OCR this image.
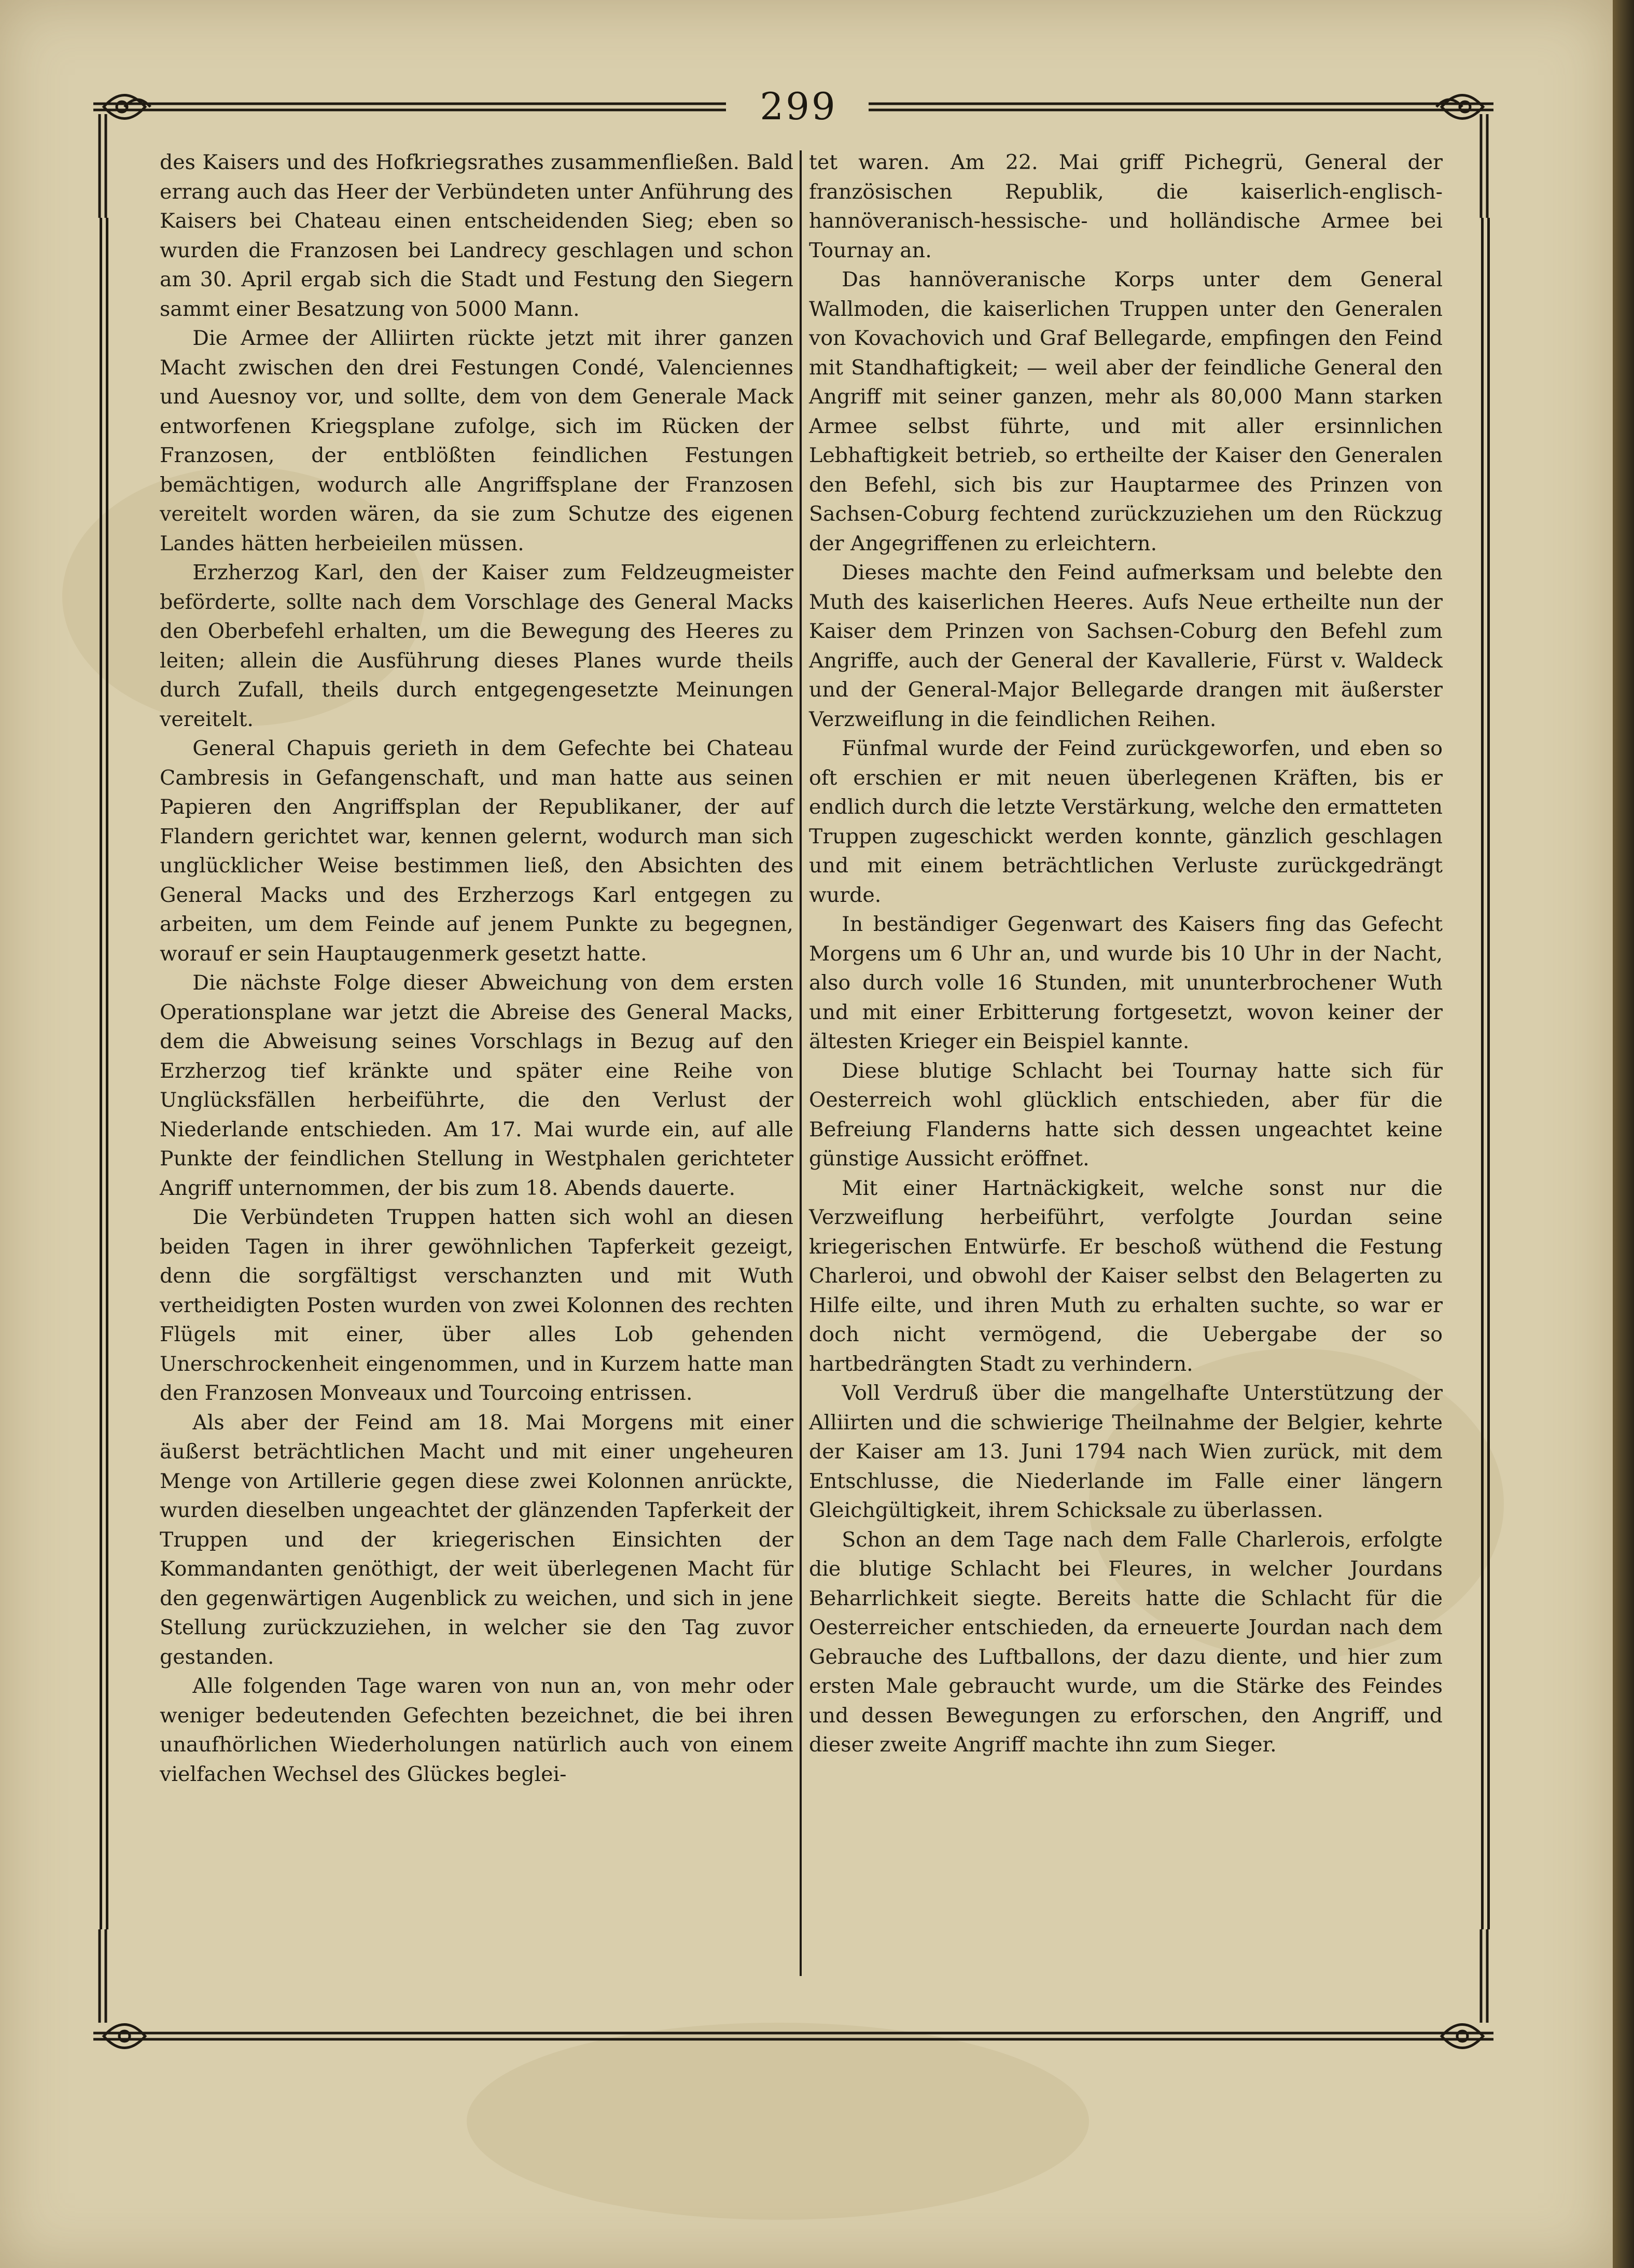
299

des Kaisers und des Hofkriegsrathes zusammenfließen. Bald errang auch das Heer der Verbündeten unter Anführung des Kaisers bei Chateau einen entscheidenden Sieg; eben so wurden die Franzosen bei Landrecy geschlagen und schon am 30. April ergab sich die Stadt und Festung den Siegern sammt einer Besatzung von 5000 Mann.

Die Armee der Alliirten rückte jetzt mit ihrer ganzen Macht zwischen den drei Festungen Condé, Valenciennes und Auesnoy vor, und sollte, dem von dem Generale Mack entworfenen Kriegsplane zufolge, sich im Rücken der Franzosen, der entblößten feindlichen Festungen bemächtigen, wodurch alle Angriffsplane der Franzosen vereitelt worden wären, da sie zum Schutze des eigenen Landes hätten herbeieilen müssen.

Erzherzog Karl, den der Kaiser zum Feldzeugmeister beförderte, sollte nach dem Vorschlage des General Macks den Oberbefehl erhalten, um die Bewegung des Heeres zu leiten; allein die Ausführung dieses Planes wurde theils durch Zufall, theils durch entgegengesetzte Meinungen vereitelt.

General Chapuis gerieth in dem Gefechte bei Chateau Cambresis in Gefangenschaft, und man hatte aus seinen Papieren den Angriffsplan der Republikaner, der auf Flandern gerichtet war, kennen gelernt, wodurch man sich unglücklicher Weise bestimmen ließ, den Absichten des General Macks und des Erzherzogs Karl entgegen zu arbeiten, um dem Feinde auf jenem Punkte zu begegnen, worauf er sein Hauptaugenmerk gesetzt hatte.

Die nächste Folge dieser Abweichung von dem ersten Operationsplane war jetzt die Abreise des General Macks, dem die Abweisung seines Vorschlags in Bezug auf den Erzherzog tief kränkte und später eine Reihe von Unglücksfällen herbeiführte, die den Verlust der Niederlande entschieden. Am 17. Mai wurde ein, auf alle Punkte der feindlichen Stellung in Westphalen gerichteter Angriff unternommen, der bis zum 18. Abends dauerte.

Die Verbündeten Truppen hatten sich wohl an diesen beiden Tagen in ihrer gewöhnlichen Tapferkeit gezeigt, denn die sorgfältigst verschanzten und mit Wuth vertheidigten Posten wurden von zwei Kolonnen des rechten Flügels mit einer, über alles Lob gehenden Unerschrockenheit eingenommen, und in Kurzem hatte man den Franzosen Monveaux und Tourcoing entrissen.

Als aber der Feind am 18. Mai Morgens mit einer äußerst beträchtlichen Macht und mit einer ungeheuren Menge von Artillerie gegen diese zwei Kolonnen anrückte, wurden dieselben ungeachtet der glänzenden Tapferkeit der Truppen und der kriegerischen Einsichten der Kommandanten genöthigt, der weit überlegenen Macht für den gegenwärtigen Augenblick zu weichen, und sich in jene Stellung zurückzuziehen, in welcher sie den Tag zuvor gestanden.

Alle folgenden Tage waren von nun an, von mehr oder weniger bedeutenden Gefechten bezeichnet, die bei ihren unaufhörlichen Wiederholungen natürlich auch von einem vielfachen Wechsel des Glückes beglei-

tet waren. Am 22. Mai griff Pichegrü, General der französischen Republik, die kaiserlich-englisch-hannöveranisch-hessische- und holländische Armee bei Tournay an.

Das hannöveranische Korps unter dem General Wallmoden, die kaiserlichen Truppen unter den Generalen von Kovachovich und Graf Bellegarde, empfingen den Feind mit Standhaftigkeit; — weil aber der feindliche General den Angriff mit seiner ganzen, mehr als 80,000 Mann starken Armee selbst führte, und mit aller ersinnlichen Lebhaftigkeit betrieb, so ertheilte der Kaiser den Generalen den Befehl, sich bis zur Hauptarmee des Prinzen von Sachsen-Coburg fechtend zurückzuziehen um den Rückzug der Angegriffenen zu erleichtern.

Dieses machte den Feind aufmerksam und belebte den Muth des kaiserlichen Heeres. Aufs Neue ertheilte nun der Kaiser dem Prinzen von Sachsen-Coburg den Befehl zum Angriffe, auch der General der Kavallerie, Fürst v. Waldeck und der General-Major Bellegarde drangen mit äußerster Verzweiflung in die feindlichen Reihen.

Fünfmal wurde der Feind zurückgeworfen, und eben so oft erschien er mit neuen überlegenen Kräften, bis er endlich durch die letzte Verstärkung, welche den ermatteten Truppen zugeschickt werden konnte, gänzlich geschlagen und mit einem beträchtlichen Verluste zurückgedrängt wurde.

In beständiger Gegenwart des Kaisers fing das Gefecht Morgens um 6 Uhr an, und wurde bis 10 Uhr in der Nacht, also durch volle 16 Stunden, mit ununterbrochener Wuth und mit einer Erbitterung fortgesetzt, wovon keiner der ältesten Krieger ein Beispiel kannte.

Diese blutige Schlacht bei Tournay hatte sich für Oesterreich wohl glücklich entschieden, aber für die Befreiung Flanderns hatte sich dessen ungeachtet keine günstige Aussicht eröffnet.

Mit einer Hartnäckigkeit, welche sonst nur die Verzweiflung herbeiführt, verfolgte Jourdan seine kriegerischen Entwürfe. Er beschoß wüthend die Festung Charleroi, und obwohl der Kaiser selbst den Belagerten zu Hilfe eilte, und ihren Muth zu erhalten suchte, so war er doch nicht vermögend, die Uebergabe der so hartbedrängten Stadt zu verhindern.

Voll Verdruß über die mangelhafte Unterstützung der Alliirten und die schwierige Theilnahme der Belgier, kehrte der Kaiser am 13. Juni 1794 nach Wien zurück, mit dem Entschlusse, die Niederlande im Falle einer längern Gleichgültigkeit, ihrem Schicksale zu überlassen.

Schon an dem Tage nach dem Falle Charlerois, erfolgte die blutige Schlacht bei Fleures, in welcher Jourdans Beharrlichkeit siegte. Bereits hatte die Schlacht für die Oesterreicher entschieden, da erneuerte Jourdan nach dem Gebrauche des Luftballons, der dazu diente, und hier zum ersten Male gebraucht wurde, um die Stärke des Feindes und dessen Bewegungen zu erforschen, den Angriff, und dieser zweite Angriff machte ihn zum Sieger.
